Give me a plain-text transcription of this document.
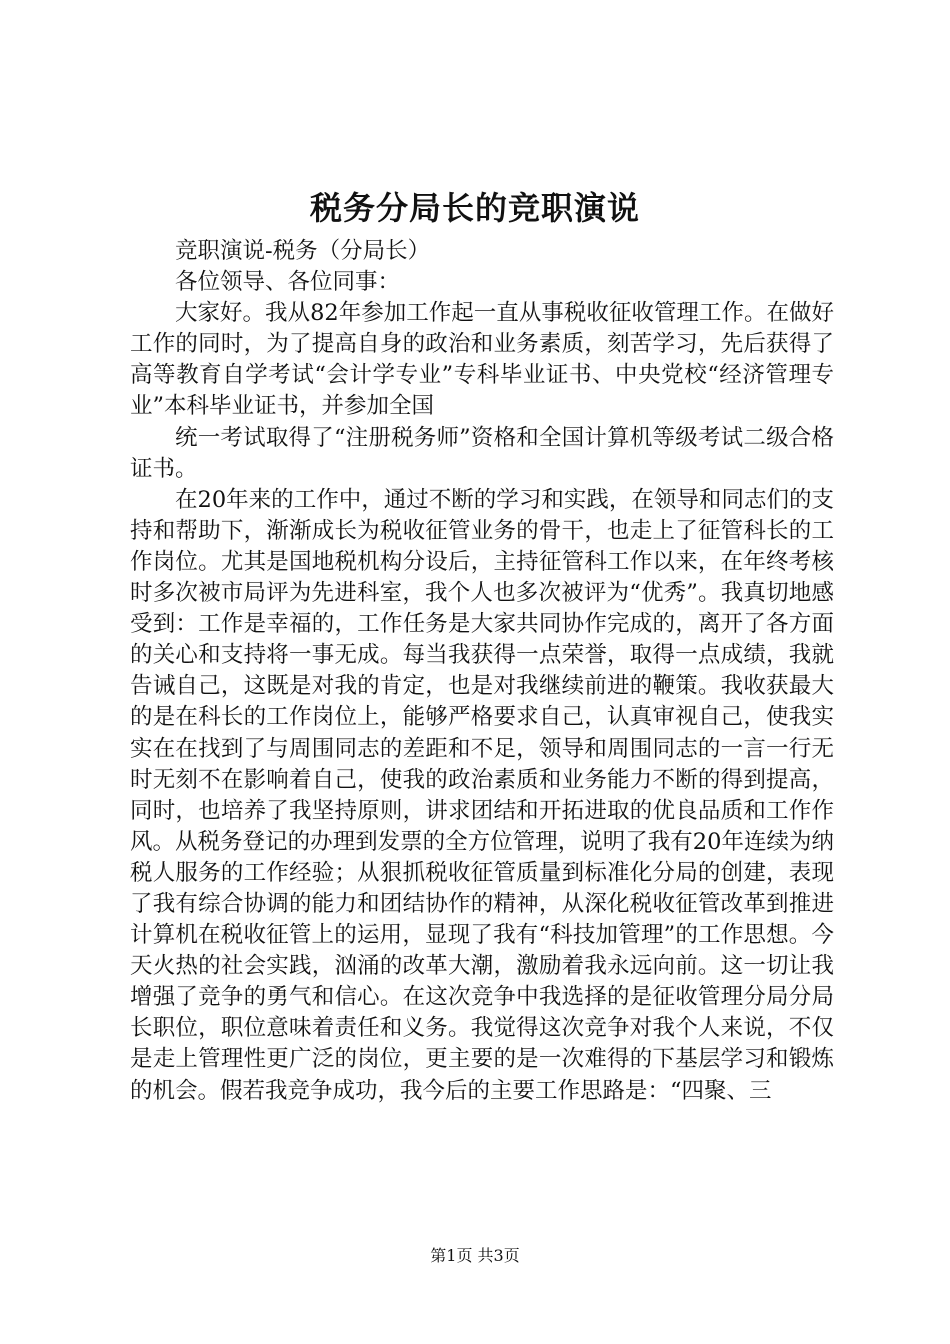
税务分局长的竞职演说

竞职演说-税务（分局长）

各位领导、各位同事：

大家好。我从82年参加工作起一直从事税收征收管理工作。在做好工作的同时，为了提高自身的政治和业务素质，刻苦学习，先后获得了高等教育自学考试“会计学专业”专科毕业证书、中央党校“经济管理专业”本科毕业证书，并参加全国

统一考试取得了“注册税务师”资格和全国计算机等级考试二级合格证书。

在20年来的工作中，通过不断的学习和实践，在领导和同志们的支持和帮助下，渐渐成长为税收征管业务的骨干，也走上了征管科长的工作岗位。尤其是国地税机构分设后，主持征管科工作以来，在年终考核时多次被市局评为先进科室，我个人也多次被评为“优秀”。我真切地感受到：工作是幸福的，工作任务是大家共同协作完成的，离开了各方面的关心和支持将一事无成。每当我获得一点荣誉，取得一点成绩，我就告诫自己，这既是对我的肯定，也是对我继续前进的鞭策。我收获最大的是在科长的工作岗位上，能够严格要求自己，认真审视自己，使我实实在在找到了与周围同志的差距和不足，领导和周围同志的一言一行无时无刻不在影响着自己，使我的政治素质和业务能力不断的得到提高，同时，也培养了我坚持原则，讲求团结和开拓进取的优良品质和工作作风。从税务登记的办理到发票的全方位管理，说明了我有20年连续为纳税人服务的工作经验；从狠抓税收征管质量到标准化分局的创建，表现了我有综合协调的能力和团结协作的精神，从深化税收征管改革到推进计算机在税收征管上的运用，显现了我有“科技加管理”的工作思想。今天火热的社会实践，汹涌的改革大潮，激励着我永远向前。这一切让我增强了竞争的勇气和信心。在这次竞争中我选择的是征收管理分局分局长职位，职位意味着责任和义务。我觉得这次竞争对我个人来说，不仅是走上管理性更广泛的岗位，更主要的是一次难得的下基层学习和锻炼的机会。假若我竞争成功，我今后的主要工作思路是：“四聚、三

第1页 共3页
